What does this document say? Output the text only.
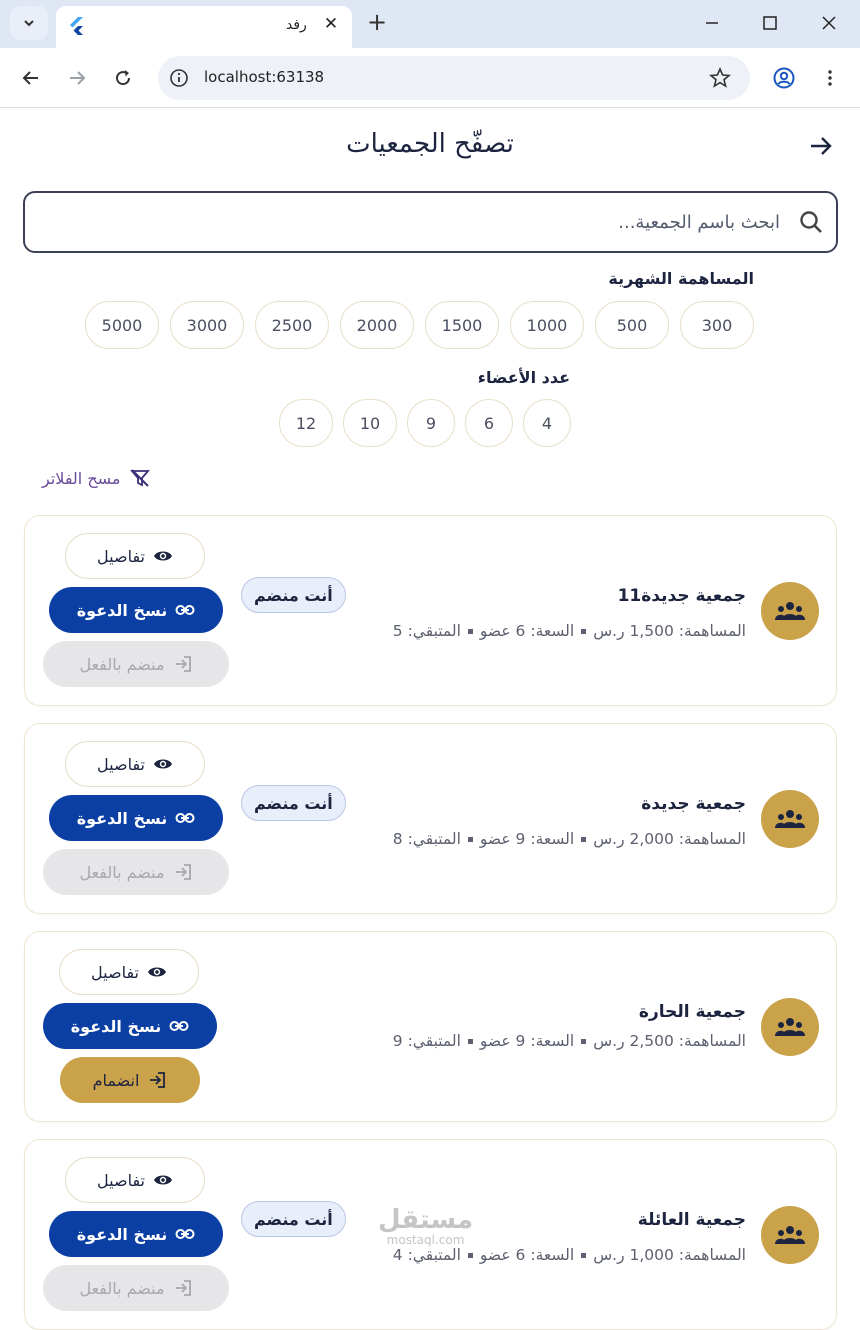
رفد ✕ +
localhost:63138
تصفّح الجمعيات
ابحث باسم الجمعية...
المساهمة الشهرية
300
500
1000
1500
2000
2500
3000
5000
عدد الأعضاء
4
6
9
10
12
مسح الفلاتر
جمعية جديدة11
المساهمة: 1,500 ر.سالسعة: 6 عضوالمتبقي: 5
أنت منضم
تفاصيل
نسخ الدعوة
منضم بالفعل
جمعية جديدة
المساهمة: 2,000 ر.سالسعة: 9 عضوالمتبقي: 8
أنت منضم
تفاصيل
نسخ الدعوة
منضم بالفعل
جمعية الحارة
المساهمة: 2,500 ر.سالسعة: 9 عضوالمتبقي: 9
تفاصيل
نسخ الدعوة
انضمام
جمعية العائلة
المساهمة: 1,000 ر.سالسعة: 6 عضوالمتبقي: 4
أنت منضم
تفاصيل
نسخ الدعوة
منضم بالفعل
مستقل
mostaql.com
